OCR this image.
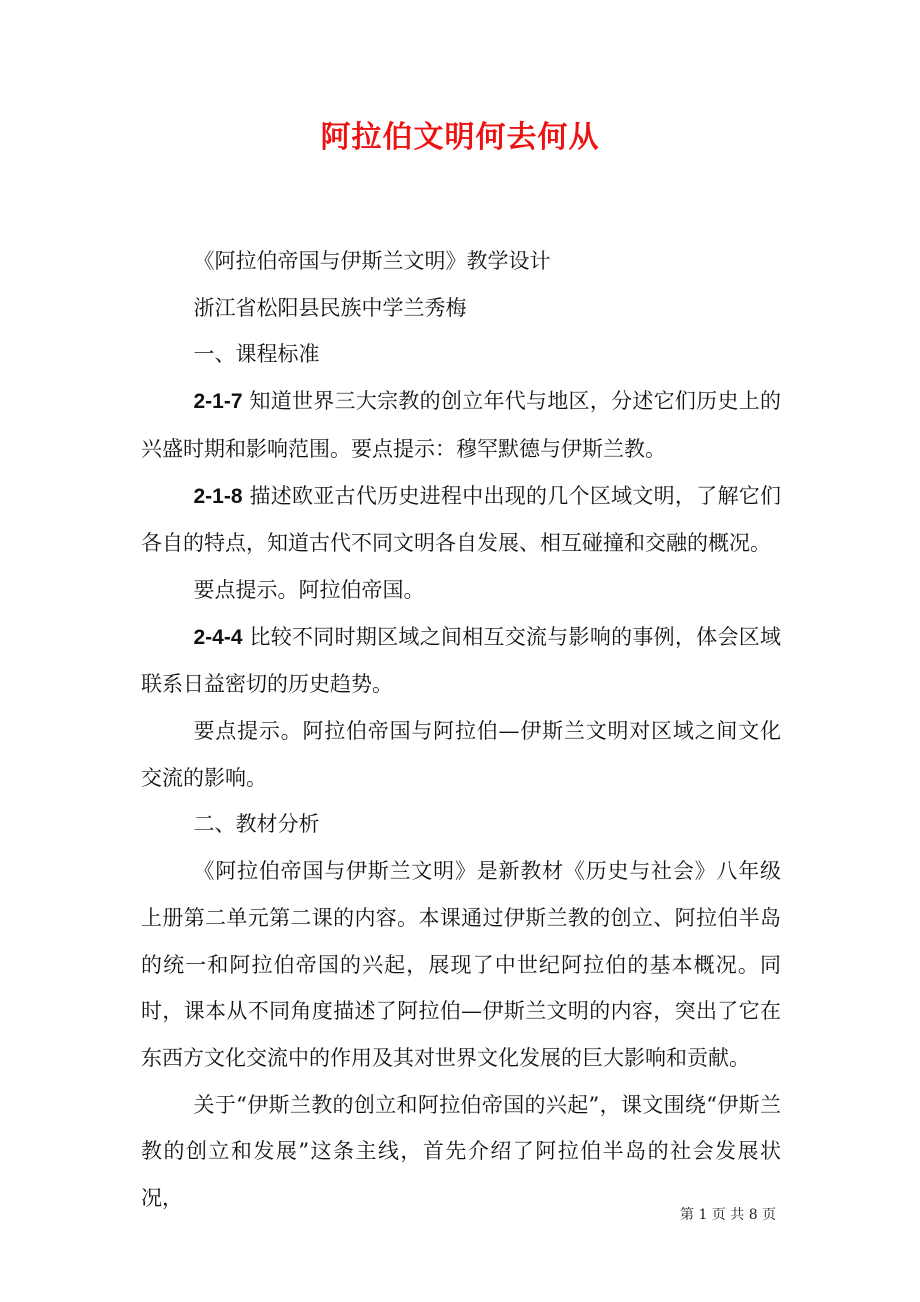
阿拉伯文明何去何从

《阿拉伯帝国与伊斯兰文明》教学设计

浙江省松阳县民族中学兰秀梅

一、课程标准

2-1-7 知道世界三大宗教的创立年代与地区，分述它们历史上的兴盛时期和影响范围。要点提示：穆罕默德与伊斯兰教。

2-1-8 描述欧亚古代历史进程中出现的几个区域文明，了解它们各自的特点，知道古代不同文明各自发展、相互碰撞和交融的概况。

要点提示。阿拉伯帝国。

2-4-4 比较不同时期区域之间相互交流与影响的事例，体会区域联系日益密切的历史趋势。

要点提示。阿拉伯帝国与阿拉伯—伊斯兰文明对区域之间文化交流的影响。

二、教材分析

《阿拉伯帝国与伊斯兰文明》是新教材《历史与社会》八年级上册第二单元第二课的内容。本课通过伊斯兰教的创立、阿拉伯半岛的统一和阿拉伯帝国的兴起，展现了中世纪阿拉伯的基本概况。同时，课本从不同角度描述了阿拉伯—伊斯兰文明的内容，突出了它在东西方文化交流中的作用及其对世界文化发展的巨大影响和贡献。

关于“伊斯兰教的创立和阿拉伯帝国的兴起”，课文围绕“伊斯兰教的创立和发展”这条主线，首先介绍了阿拉伯半岛的社会发展状况，

第 1 页 共 8 页
